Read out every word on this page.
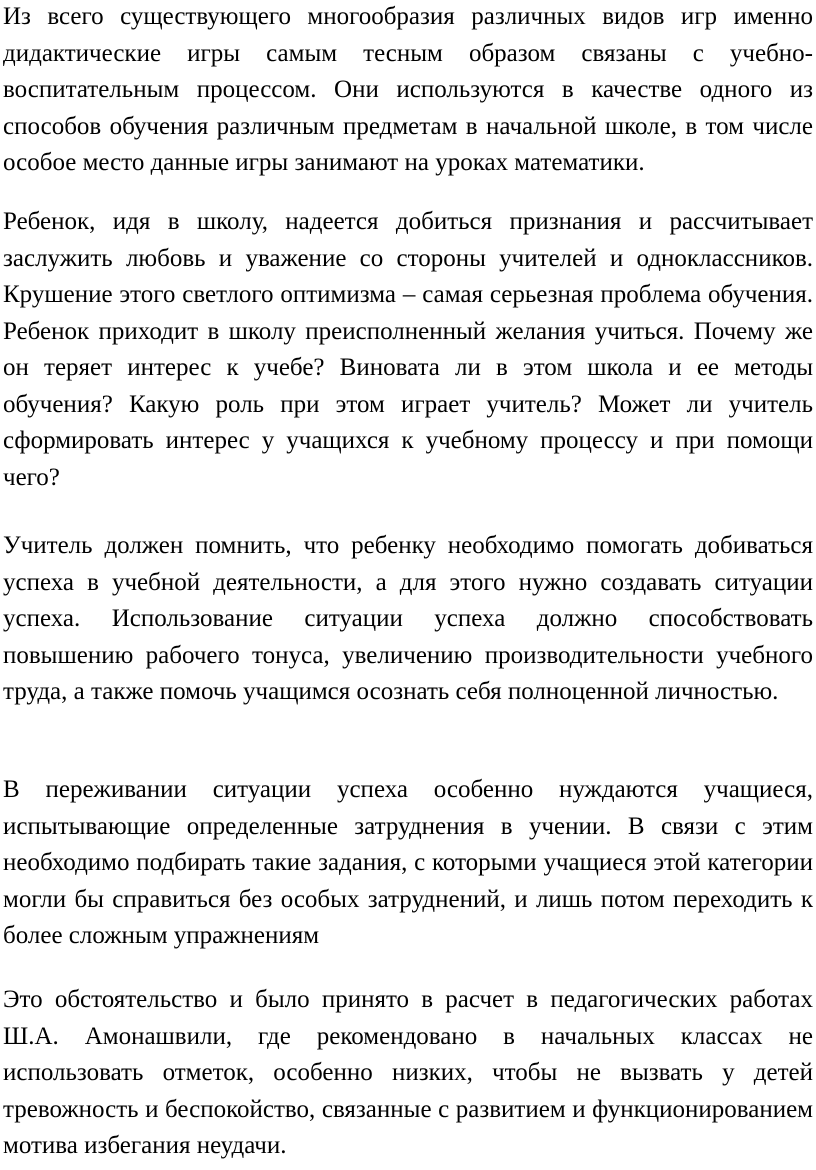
Из всего существующего многообразия различных видов игр именно дидактические игры самым тесным образом связаны с учебно-воспитательным процессом. Они используются в качестве одного из способов обучения различным предметам в начальной школе, в том числе особое место данные игры занимают на уроках математики.

Ребенок, идя в школу, надеется добиться признания и рассчитывает заслужить любовь и уважение со стороны учителей и одноклассников. Крушение этого светлого оптимизма – самая серьезная проблема обучения. Ребенок приходит в школу преисполненный желания учиться. Почему же он теряет интерес к учебе? Виновата ли в этом школа и ее методы обучения? Какую роль при этом играет учитель? Может ли учитель сформировать интерес у учащихся к учебному процессу и при помощи чего?

Учитель должен помнить, что ребенку необходимо помогать добиваться успеха в учебной деятельности, а для этого нужно создавать ситуации успеха. Использование ситуации успеха должно способствовать повышению рабочего тонуса, увеличению производительности учебного труда, а также помочь учащимся осознать себя полноценной личностью.

В переживании ситуации успеха особенно нуждаются учащиеся, испытывающие определенные затруднения в учении. В связи с этим необходимо подбирать такие задания, с которыми учащиеся этой категории могли бы справиться без особых затруднений, и лишь потом переходить к более сложным упражнениям

Это обстоятельство и было принято в расчет в педагогических работах Ш.А. Амонашвили, где рекомендовано в начальных классах не использовать отметок, особенно низких, чтобы не вызвать у детей тревожность и беспокойство, связанные с развитием и функционированием мотива избегания неудачи.
